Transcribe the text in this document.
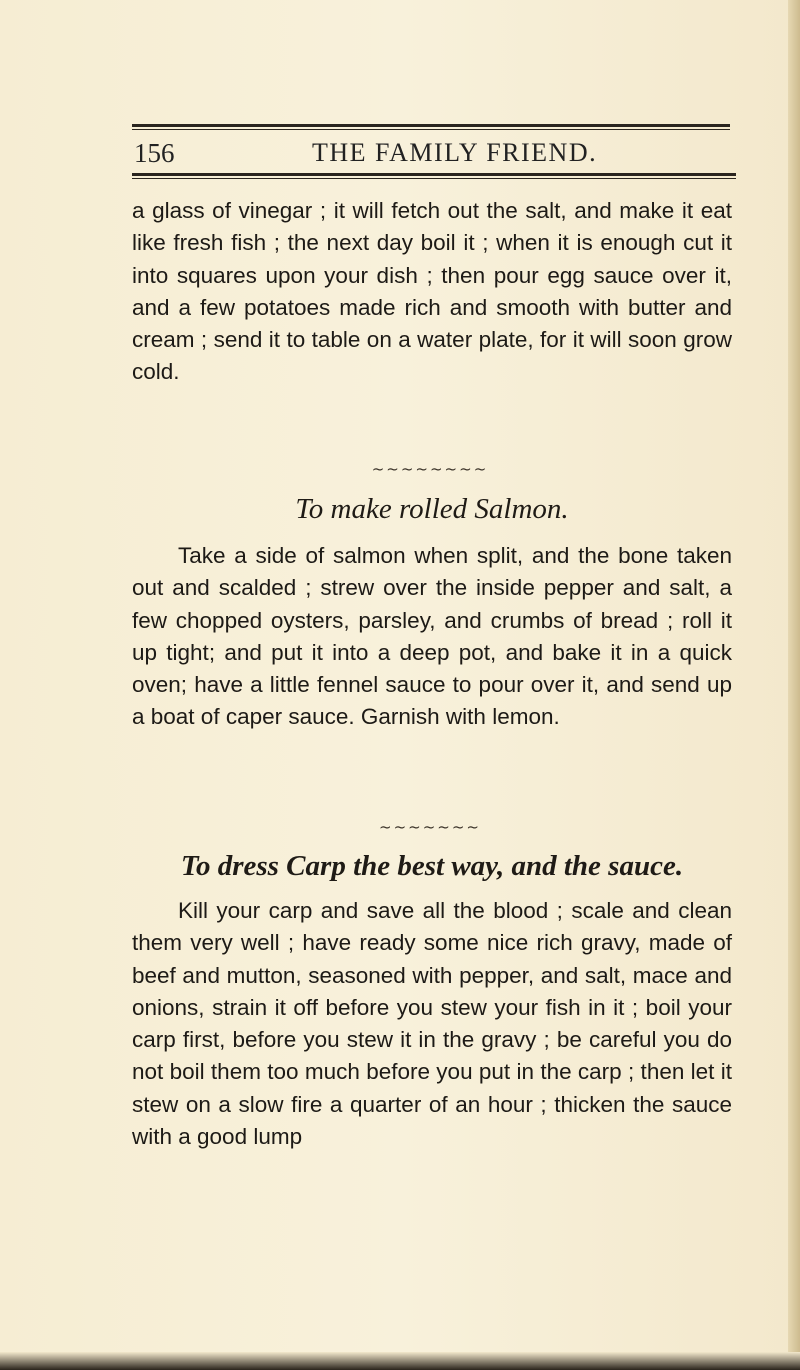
156	THE FAMILY FRIEND.

a glass of vinegar ; it will fetch out the salt, and make it eat like fresh fish ; the next day boil it ; when it is enough cut it into squares upon your dish ; then pour egg sauce over it, and a few potatoes made rich and smooth with butter and cream ; send it to table on a water plate, for it will soon grow cold.

~~~~~~~~
To make rolled Salmon.

Take a side of salmon when split, and the bone taken out and scalded ; strew over the inside pepper and salt, a few chopped oysters, parsley, and crumbs of bread ; roll it up tight; and put it into a deep pot, and bake it in a quick oven; have a little fennel sauce to pour over it, and send up a boat of caper sauce. Garnish with lemon.

~~~~~~~
To dress Carp the best way, and the sauce.

Kill your carp and save all the blood ; scale and clean them very well ; have ready some nice rich gravy, made of beef and mutton, seasoned with pepper, and salt, mace and onions, strain it off before you stew your fish in it ; boil your carp first, before you stew it in the gravy ; be careful you do not boil them too much before you put in the carp ; then let it stew on a slow fire a quarter of an hour ; thicken the sauce with a good lump
